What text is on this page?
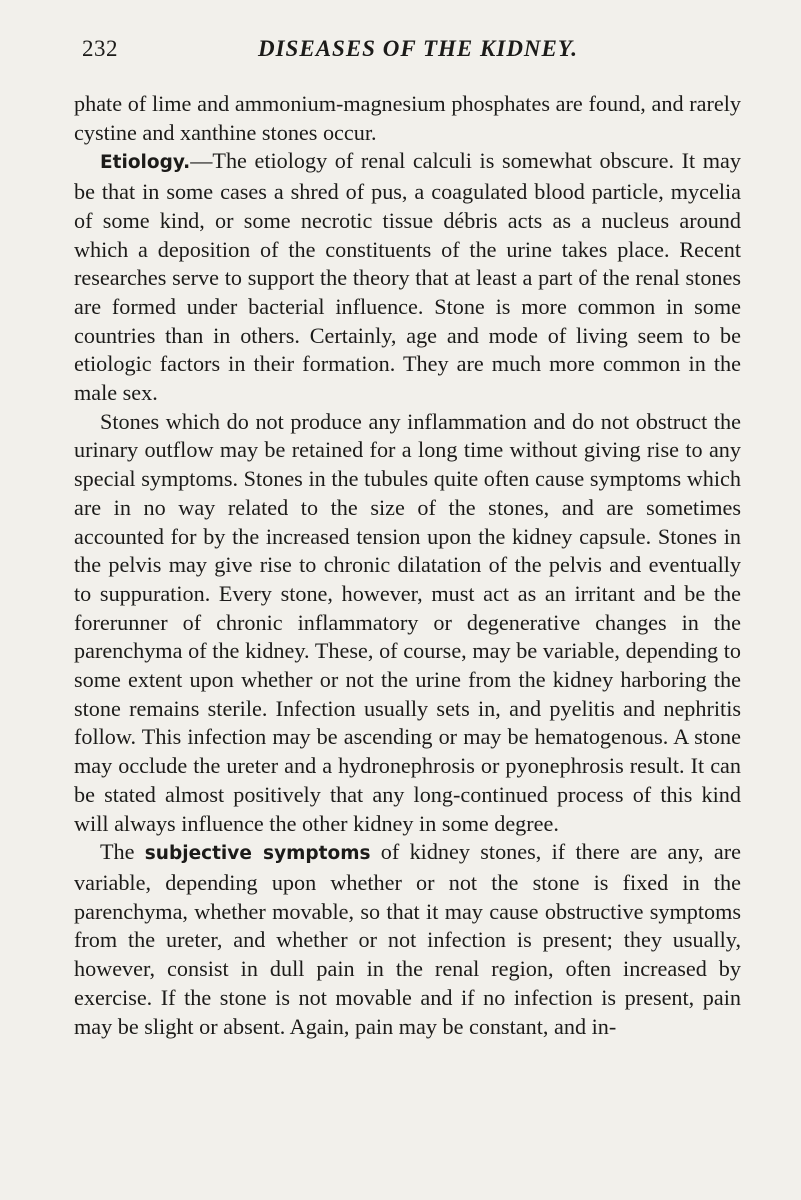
232	DISEASES OF THE KIDNEY.

phate of lime and ammonium-magnesium phosphates are found, and rarely cystine and xanthine stones occur.

Etiology.—The etiology of renal calculi is somewhat obscure. It may be that in some cases a shred of pus, a coagulated blood particle, mycelia of some kind, or some necrotic tissue débris acts as a nucleus around which a deposition of the constituents of the urine takes place. Recent researches serve to support the theory that at least a part of the renal stones are formed under bacterial influence. Stone is more common in some countries than in others. Certainly, age and mode of living seem to be etiologic factors in their formation. They are much more common in the male sex.

Stones which do not produce any inflammation and do not obstruct the urinary outflow may be retained for a long time without giving rise to any special symptoms. Stones in the tubules quite often cause symptoms which are in no way related to the size of the stones, and are sometimes accounted for by the increased tension upon the kidney capsule. Stones in the pelvis may give rise to chronic dilatation of the pelvis and eventually to suppuration. Every stone, however, must act as an irritant and be the forerunner of chronic inflammatory or degenerative changes in the parenchyma of the kidney. These, of course, may be variable, depending to some extent upon whether or not the urine from the kidney harboring the stone remains sterile. Infection usually sets in, and pyelitis and nephritis follow. This infection may be ascending or may be hematogenous. A stone may occlude the ureter and a hydronephrosis or pyonephrosis result. It can be stated almost positively that any long-continued process of this kind will always influence the other kidney in some degree.

The subjective symptoms of kidney stones, if there are any, are variable, depending upon whether or not the stone is fixed in the parenchyma, whether movable, so that it may cause obstructive symptoms from the ureter, and whether or not infection is present; they usually, however, consist in dull pain in the renal region, often increased by exercise. If the stone is not movable and if no infection is present, pain may be slight or absent. Again, pain may be constant, and in-
